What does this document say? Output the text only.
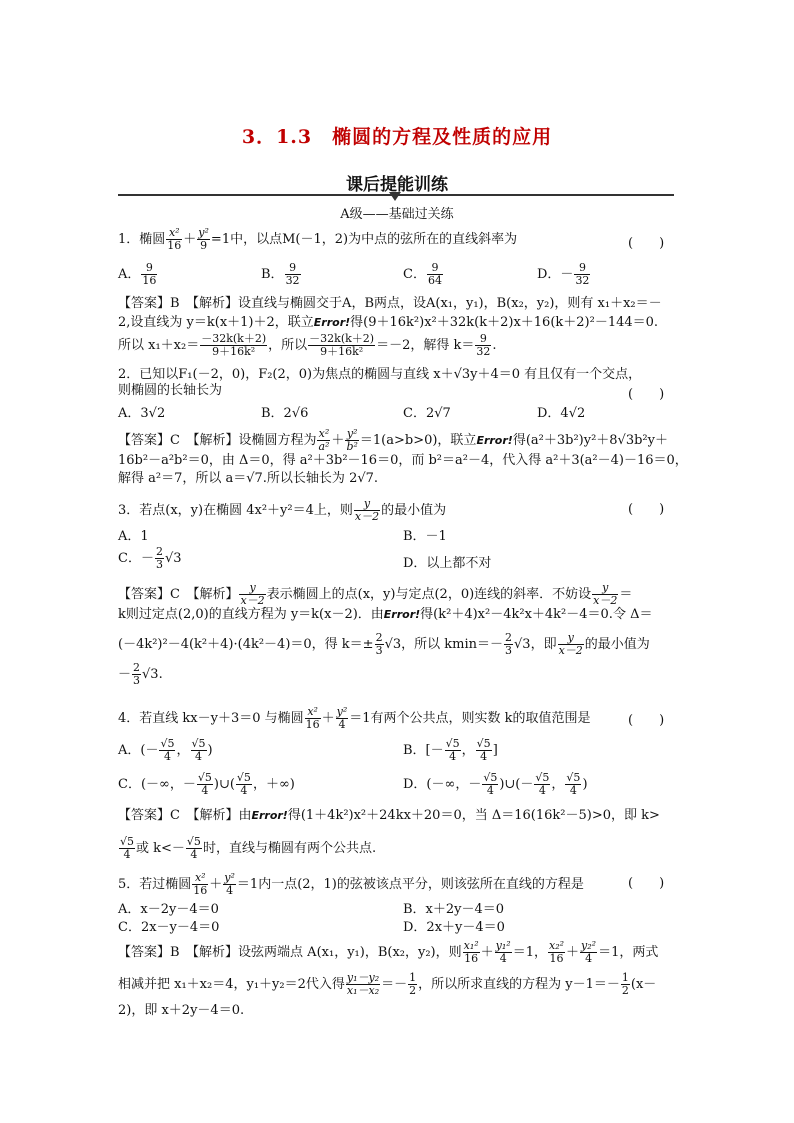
3．1.3　椭圆的方程及性质的应用
课后提能训练
A级——基础过关练
1．椭圆 $\frac{\text{x²}}{16} + \frac{\text{y²}}{9} =1$中，以点M(－1，2)为中点的弦所在的直线斜率为	(　　)
A． $\frac{9}{16}$	B． $\frac{9}{32}$	C． $\frac{9}{64}$	D．－ $\frac{9}{32}$
【答案】B　【解析】设直线与椭圆交于A，B两点，设A(x₁，y₁)，B(x₂，y₂)，则有 x₁＋x₂＝－
2,设直线为 y＝k(x＋1)＋2，联立Error!得(9＋16k²)x²＋32k(k＋2)x＋16(k＋2)²－144＝0.
所以 $x_1+x_2= \frac{-32k(k+2)}{\text{9＋16k²}}$ ，所以 $\frac{-32k(k+2)}{\text{9＋16k²}} =-2$，解得 $k= \frac{9}{32}$ .
2．已知以F₁(－2，0)，F₂(2，0)为焦点的椭圆与直线 x＋√3y＋4＝0 有且仅有一个交点，
则椭圆的长轴长为	(　　)
A．3√2	B．2√6	C．2√7	D．4√2
【答案】C　【解析】设椭圆方程为 $\frac{\text{x²}}{\text{a²}} + \frac{\text{y²}}{\text{b²}} =1(a>b>0)$，联立Error!得(a²＋3b²)y²＋8√3b²y＋
16b²－a²b²＝0，由 Δ＝0，得 a²＋3b²－16＝0，而 b²＝a²－4，代入得 a²＋3(a²－4)－16＝0，
解得 a²＝7，所以 a＝√7.所以长轴长为 2√7.
3．若点(x，y)在椭圆 4x²＋y²＝4上，则 $\frac{y}{x-2}$ 的最小值为	(　　)
A．1	B．－1
C．－ $\frac{2}{3} √3$	D．以上都不对
【答案】C　【解析】 $\frac{y}{x-2}$ 表示椭圆上的点(x，y)与定点(2，0)连线的斜率．不妨设 $\frac{y}{x-2}$ ＝
k则过定点(2,0)的直线方程为 y＝k(x－2)．由Error!得(k²＋4)x²－4k²x＋4k²－4＝0.令 Δ＝
(－4k²)²－4(k²＋4)·(4k²－4)＝0，得 $k=\pm \frac{2}{3} √3$，所以 $kmin=- \frac{2}{3} √3$，即 $\frac{y}{x-2}$ 的最小值为
－ $\frac{2}{3} √3$.
4．若直线 kx－y＋3＝0 与椭圆 $\frac{\text{x²}}{16} + \frac{\text{y²}}{4} =1$有两个公共点，则实数 k的取值范围是	(　　)
A．(－ $\frac{√5}{4}$ ， $\frac{√5}{4}$ )	B．[－ $\frac{√5}{4}$ ， $\frac{√5}{4}$ ]
C．(－∞，－ $\frac{√5}{4}$ )∪( $\frac{√5}{4}$ ，＋∞)	D．(－∞，－ $\frac{√5}{4}$ )∪(－ $\frac{√5}{4}$ ， $\frac{√5}{4}$ )
【答案】C　【解析】由Error!得(1＋4k²)x²＋24kx＋20＝0，当 Δ＝16(16k²－5)>0，即 k>
$\frac{√5}{4}$ 或 $k<- \frac{√5}{4}$ 时，直线与椭圆有两个公共点.
5．若过椭圆 $\frac{\text{x²}}{16} + \frac{\text{y²}}{4} =1$内一点(2，1)的弦被该点平分，则该弦所在直线的方程是	(　　)
A．x－2y－4＝0	B．x＋2y－4＝0
C．2x－y－4＝0	D．2x＋y－4＝0
【答案】B　【解析】设弦两端点 A(x₁，y₁)，B(x₂，y₂)，则 $\frac{\text{x₁²}}{16} + \frac{\text{y₁²}}{4} =1$， $\frac{\text{x₂²}}{16} + \frac{\text{y₂²}}{4} =1$，两式
相减并把 x₁＋x₂＝4，y₁＋y₂＝2代入得 $\frac{\text{y₁－y₂}}{\text{x₁－x₂}} =- \frac{1}{2}$ ，所以所求直线的方程为 $y-1=- \frac{1}{2} (x-$
2)，即 x＋2y－4＝0.
